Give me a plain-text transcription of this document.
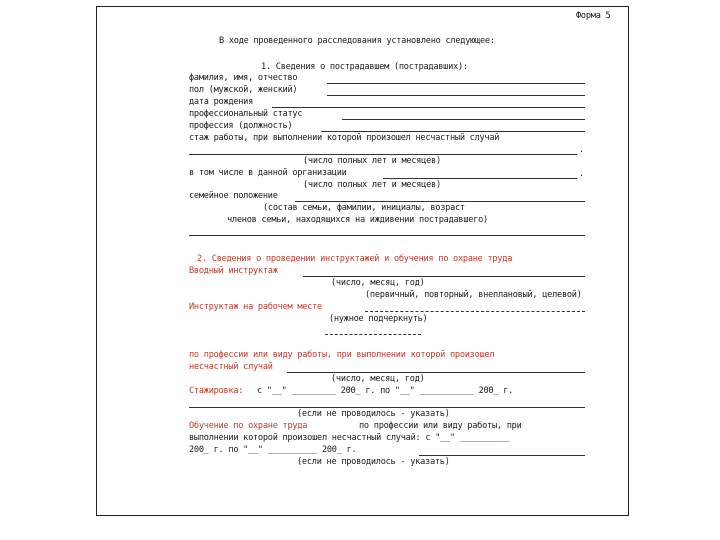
Форма 5
В ходе проведенного расследования установлено следующее:
1. Сведения о пострадавшем (пострадавших):
фамилия, имя, отчество
пол (мужской, женский)
дата рождения
профессиональный статус
профессия (должность)
стаж работы, при выполнении которой произошел несчастный случай
.
(число полных лет и месяцев)
в том числе в данной организации	.
(число полных лет и месяцев)
семейное положение
(состав семьи, фамилии, инициалы, возраст
членов семьи, находящихся на иждивении пострадавшего)
2. Сведения о проведении инструктажей и обучения по охране труда
Вводный инструктаж
(число, месяц, год)
(первичный, повторный, внеплановый, целевой)
Инструктаж на рабочем месте
(нужное подчеркнуть)
по профессии или виду работы, при выполнении которой произошел
несчастный случай
(число, месяц, год)
Стажировка: с "__" _________ 200_ г. по "__" ___________ 200_ г.
(если не проводилось - указать)
Обучение по охране труда	по профессии или виду работы, при
выполнении которой произошел несчастный случай: с "__" __________
200_ г. по "__" __________ 200_ г.
(если не проводилось - указать)
